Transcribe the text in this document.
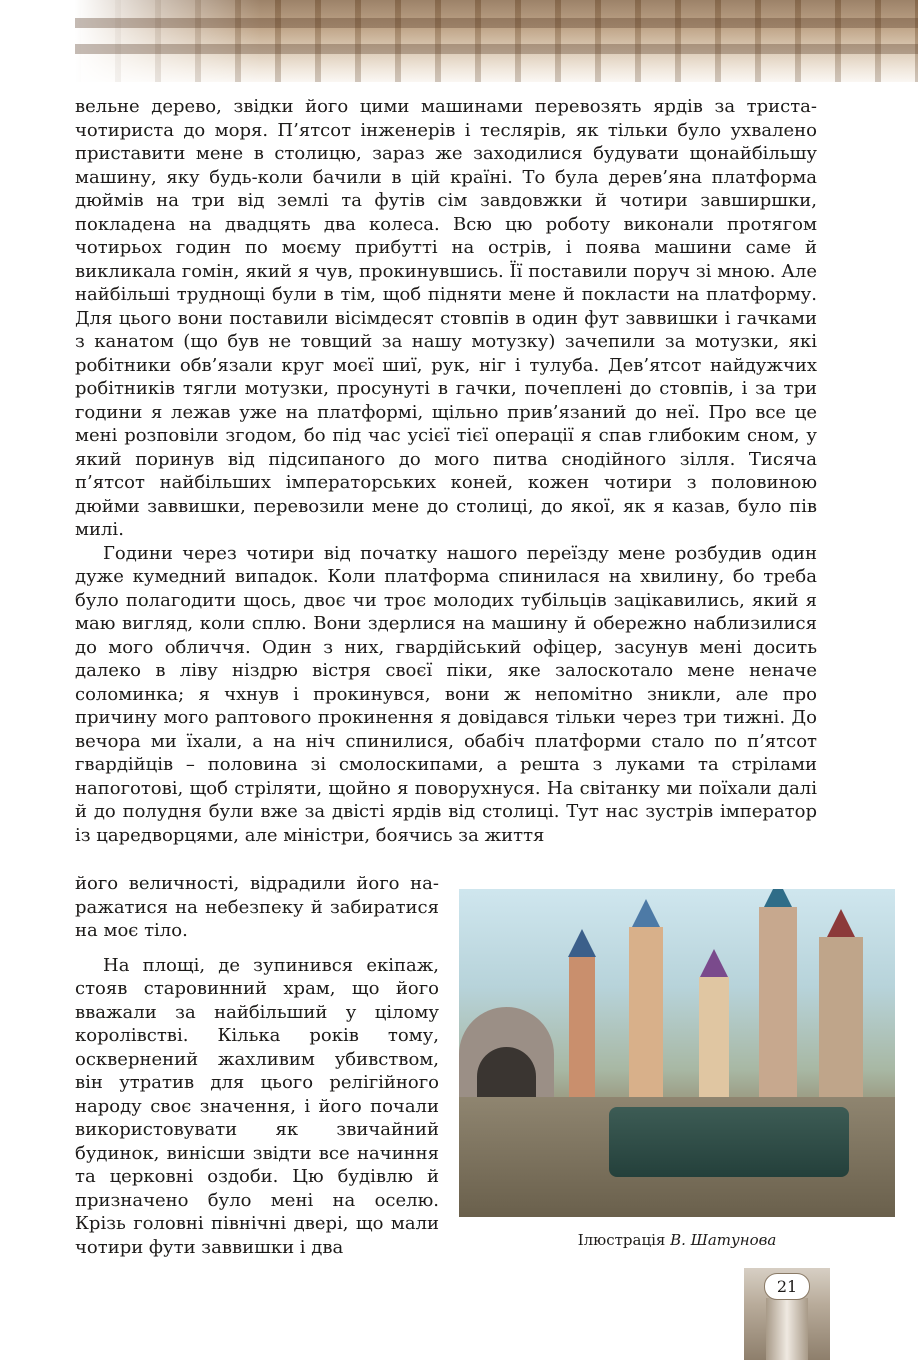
вельне дерево, звідки його цими машинами перевозять ярдів за тристачотириста до моря. П’ятсот інженерів і теслярів, як тільки було ухвалено приставити мене в столицю, зараз же заходилися будувати щонайбільшу машину, яку будь-коли бачили в цій країні. То була дерев’яна платформа дюймів на три від землі та футів сім завдовжки й чотири завширшки, покладена на двадцять два колеса. Всю цю роботу виконали протягом чотирьох годин по моєму прибутті на острів, і поява машини саме й викликала гомін, який я чув, прокинувшись. Її поставили поруч зі мною. Але найбільші труднощі були в тім, щоб підняти мене й покласти на платформу. Для цього вони поставили вісімдесят стовпів в один фут заввишки і гачками з канатом (що був не товщий за нашу мотузку) зачепили за мотузки, які робітники обв’язали круг моєї шиї, рук, ніг і тулуба. Дев’ятсот найдужчих робітників тягли мотузки, просунуті в гачки, почеплені до стовпів, і за три години я лежав уже на платформі, щільно прив’язаний до неї. Про все це мені розповіли згодом, бо під час усієї тієї операції я спав глибоким сном, у який поринув від підсипаного до мого питва снодійного зілля. Тисяча п’ятсот найбільших імператорських коней, кожен чотири з половиною дюйми заввишки, перевозили мене до столиці, до якої, як я казав, було пів милі.

Години через чотири від початку нашого переїзду мене розбудив один дуже кумедний випадок. Коли платформа спинилася на хвилину, бо треба було полагодити щось, двоє чи троє молодих тубільців зацікавились, який я маю вигляд, коли сплю. Вони здерлися на машину й обережно наблизилися до мого обличчя. Один з них, гвардійський офіцер, засунув мені досить далеко в ліву ніздрю вістря своєї піки, яке залоскотало мене неначе соломинка; я чхнув і прокинувся, вони ж непомітно зникли, але про причину мого раптового прокинення я довідався тільки через три тижні. До вечора ми їхали, а на ніч спинилися, обабіч платформи стало по п’ятсот гвардійців – половина зі смолоскипами, а решта з луками та стрілами напоготові, щоб стріляти, щойно я поворухнуся. На світанку ми поїхали далі й до полудня були вже за двісті ярдів від столиці. Тут нас зустрів імператор із царедворцями, але міністри, боячись за життя

його величності, відрадили його наражатися на небезпеку й забиратися на моє тіло.

На площі, де зупинився екіпаж, стояв старовинний храм, що його вважали за найбільший у цілому королівстві. Кілька років тому, осквернений жахливим убивством, він утратив для цього релігійного народу своє значення, і його почали використовувати як звичайний будинок, винісши звідти все начиння та церковні оздоби. Цю будівлю й призначено було мені на оселю. Крізь головні північні двері, що мали чотири фути заввишки і два	Ілюстрація В. Шатунова
21
